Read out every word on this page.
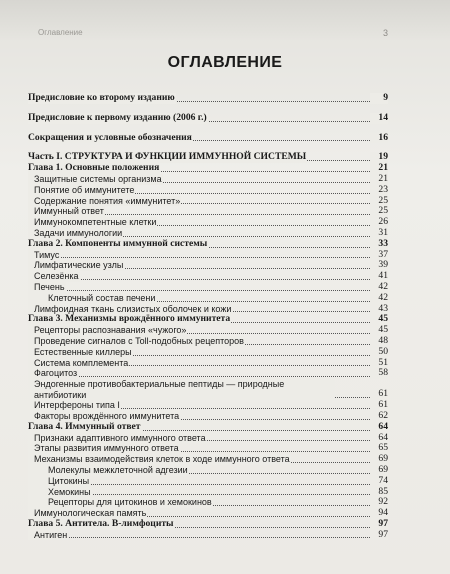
Оглавление	3
ОГЛАВЛЕНИЕ
Предисловие ко второму изданию	9
Предисловие к первому изданию (2006 г.)	14
Сокращения и условные обозначения	16
Часть I. СТРУКТУРА И ФУНКЦИИ ИММУННОЙ СИСТЕМЫ	19
Глава 1. Основные положения	21
Защитные системы организма	21
Понятие об иммунитете	23
Содержание понятия «иммунитет»	25
Иммунный ответ	25
Иммунокомпетентные клетки	26
Задачи иммунологии	31
Глава 2. Компоненты иммунной системы	33
Тимус	37
Лимфатические узлы	39
Селезёнка	41
Печень	42
Клеточный состав печени	42
Лимфоидная ткань слизистых оболочек и кожи	43
Глава 3. Механизмы врождённого иммунитета	45
Рецепторы распознавания «чужого»	45
Проведение сигналов с Toll-подобных рецепторов	48
Естественные киллеры	50
Система комплемента	51
Фагоцитоз	58
Эндогенные противобактериальные пептиды — природные антибиотики	61
Интерфероны типа I	61
Факторы врождённого иммунитета	62
Глава 4. Иммунный ответ	64
Признаки адаптивного иммунного ответа	64
Этапы развития иммунного ответа	65
Механизмы взаимодействия клеток в ходе иммунного ответа	69
Молекулы межклеточной адгезии	69
Цитокины	74
Хемокины	85
Рецепторы для цитокинов и хемокинов	92
Иммунологическая память	94
Глава 5. Антитела. В-лимфоциты	97
Антиген	97
